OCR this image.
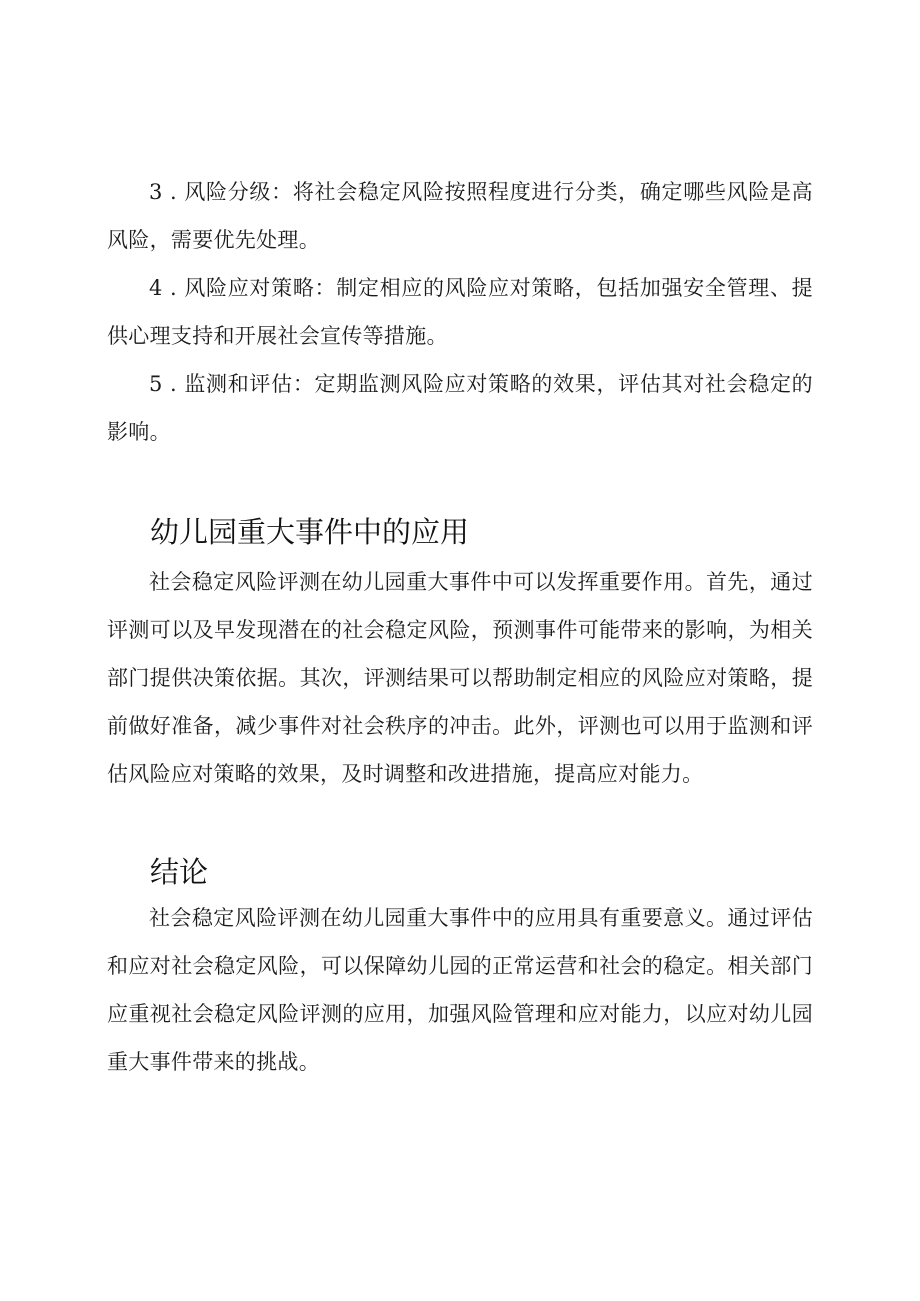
3 . 风险分级：将社会稳定风险按照程度进行分类，确定哪些风险是高风险，需要优先处理。

4 . 风险应对策略：制定相应的风险应对策略，包括加强安全管理、提供心理支持和开展社会宣传等措施。

5 . 监测和评估：定期监测风险应对策略的效果，评估其对社会稳定的影响。

幼儿园重大事件中的应用

社会稳定风险评测在幼儿园重大事件中可以发挥重要作用。首先，通过评测可以及早发现潜在的社会稳定风险，预测事件可能带来的影响，为相关部门提供决策依据。其次，评测结果可以帮助制定相应的风险应对策略，提前做好准备，减少事件对社会秩序的冲击。此外，评测也可以用于监测和评估风险应对策略的效果，及时调整和改进措施，提高应对能力。

结论

社会稳定风险评测在幼儿园重大事件中的应用具有重要意义。通过评估和应对社会稳定风险，可以保障幼儿园的正常运营和社会的稳定。相关部门应重视社会稳定风险评测的应用，加强风险管理和应对能力，以应对幼儿园重大事件带来的挑战。
